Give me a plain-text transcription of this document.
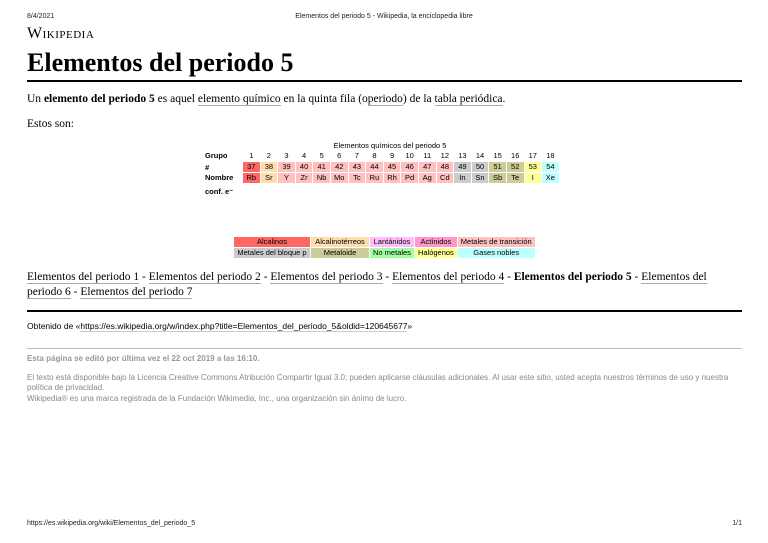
8/4/2021	Elementos del periodo 5 - Wikipedia, la enciclopedia libre
Wikipedia
Elementos del periodo 5
Un elemento del periodo 5 es aquel elemento químico en la quinta fila (operiodo) de la tabla periódica.
Estos son:
Elementos químicos del periodo 5
Grupo	1	2	3	4	5	6	7	8	9	10	11	12	13	14	15	16	17	18
#	37	38	39	40	41	42	43	44	45	46	47	48	49	50	51	52	53	54
Nombre	Rb	Sr	Y	Zr	Nb	Mo	Tc	Ru	Rh	Pd	Ag	Cd	In	Sn	Sb	Te	I	Xe
conf. e⁻																		
Alcalinos	Alcalinotérreos	Lantánidos	Actínidos	Metales de transición
Metales del bloque p	Metaloide	No metales	Halógenos	Gases nobles
Elementos del periodo 1 - Elementos del periodo 2 - Elementos del periodo 3 - Elementos del periodo 4 - Elementos del periodo 5 - Elementos del periodo 6 - Elementos del periodo 7
Obtenido de «https://es.wikipedia.org/w/index.php?title=Elementos_del_periodo_5&oldid=120645677»
Esta página se editó por última vez el 22 oct 2019 a las 16:10.
El texto está disponible bajo la Licencia Creative Commons Atribución Compartir Igual 3.0; pueden aplicarse cláusulas adicionales. Al usar este sitio, usted acepta nuestros términos de uso y nuestra política de privacidad.
Wikipedia® es una marca registrada de la Fundación Wikimedia, Inc., una organización sin ánimo de lucro.
https://es.wikipedia.org/wiki/Elementos_del_periodo_5	1/1
